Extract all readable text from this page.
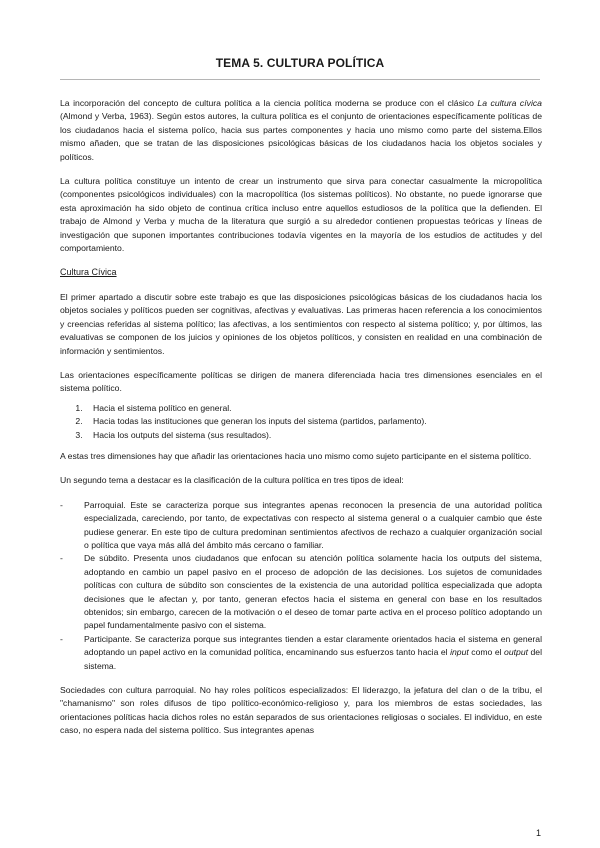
TEMA 5. CULTURA POLÍTICA

La incorporación del concepto de cultura política a la ciencia política moderna se produce con el clásico La cultura cívica (Almond y Verba, 1963). Según estos autores, la cultura política es el conjunto de orientaciones específicamente políticas de los ciudadanos hacia el sistema políco, hacia sus partes componentes y hacia uno mismo como parte del sistema.Ellos mismo añaden, que se tratan de las disposiciones psicológicas básicas de los ciudadanos hacia los objetos sociales y políticos.

La cultura política constituye un intento de crear un instrumento que sirva para conectar casualmente la micropolítica (componentes psicológicos individuales) con la macropolítica (los sistemas políticos). No obstante, no puede ignorarse que esta aproximación ha sido objeto de continua crítica incluso entre aquellos estudiosos de la política que la defienden. El trabajo de Almond y Verba y mucha de la literatura que surgió a su alrededor contienen propuestas teóricas y líneas de investigación que suponen importantes contribuciones todavía vigentes en la mayoría de los estudios de actitudes y del comportamiento.

Cultura Cívica

El primer apartado a discutir sobre este trabajo es que las disposiciones psicológicas básicas de los ciudadanos hacia los objetos sociales y políticos pueden ser cognitivas, afectivas y evaluativas. Las primeras hacen referencia a los conocimientos y creencias referidas al sistema político; las afectivas, a los sentimientos con respecto al sistema político; y, por últimos, las evaluativas se componen de los juicios y opiniones de los objetos políticos, y consisten en realidad en una combinación de información y sentimientos.

Las orientaciones específicamente políticas se dirigen de manera diferenciada hacia tres dimensiones esenciales en el sistema político.

1. Hacia el sistema político en general.
2. Hacia todas las instituciones que generan los inputs del sistema (partidos, parlamento).
3. Hacia los outputs del sistema (sus resultados).

A estas tres dimensiones hay que añadir las orientaciones hacia uno mismo como sujeto participante en el sistema político.

Un segundo tema a destacar es la clasificación de la cultura política en tres tipos de ideal:

- Parroquial. Este se caracteriza porque sus integrantes apenas reconocen la presencia de una autoridad política especializada, careciendo, por tanto, de expectativas con respecto al sistema general o a cualquier cambio que éste pudiese generar. En este tipo de cultura predominan sentimientos afectivos de rechazo a cualquier organización social o política que vaya más allá del ámbito más cercano o familiar.
- De súbdito. Presenta unos ciudadanos que enfocan su atención política solamente hacia los outputs del sistema, adoptando en cambio un papel pasivo en el proceso de adopción de las decisiones. Los sujetos de comunidades políticas con cultura de súbdito son conscientes de la existencia de una autoridad política especializada que adopta decisiones que le afectan y, por tanto, generan efectos hacia el sistema en general con base en los resultados obtenidos; sin embargo, carecen de la motivación o el deseo de tomar parte activa en el proceso político adoptando un papel fundamentalmente pasivo con el sistema.
- Participante. Se caracteriza porque sus integrantes tienden a estar claramente orientados hacia el sistema en general adoptando un papel activo en la comunidad política, encaminando sus esfuerzos tanto hacia el input como el output del sistema.

Sociedades con cultura parroquial. No hay roles políticos especializados: El liderazgo, la jefatura del clan o de la tribu, el "chamanismo" son roles difusos de tipo político-económico-religioso y, para los miembros de estas sociedades, las orientaciones políticas hacia dichos roles no están separados de sus orientaciones religiosas o sociales. El individuo, en este caso, no espera nada del sistema político. Sus integrantes apenas

1
